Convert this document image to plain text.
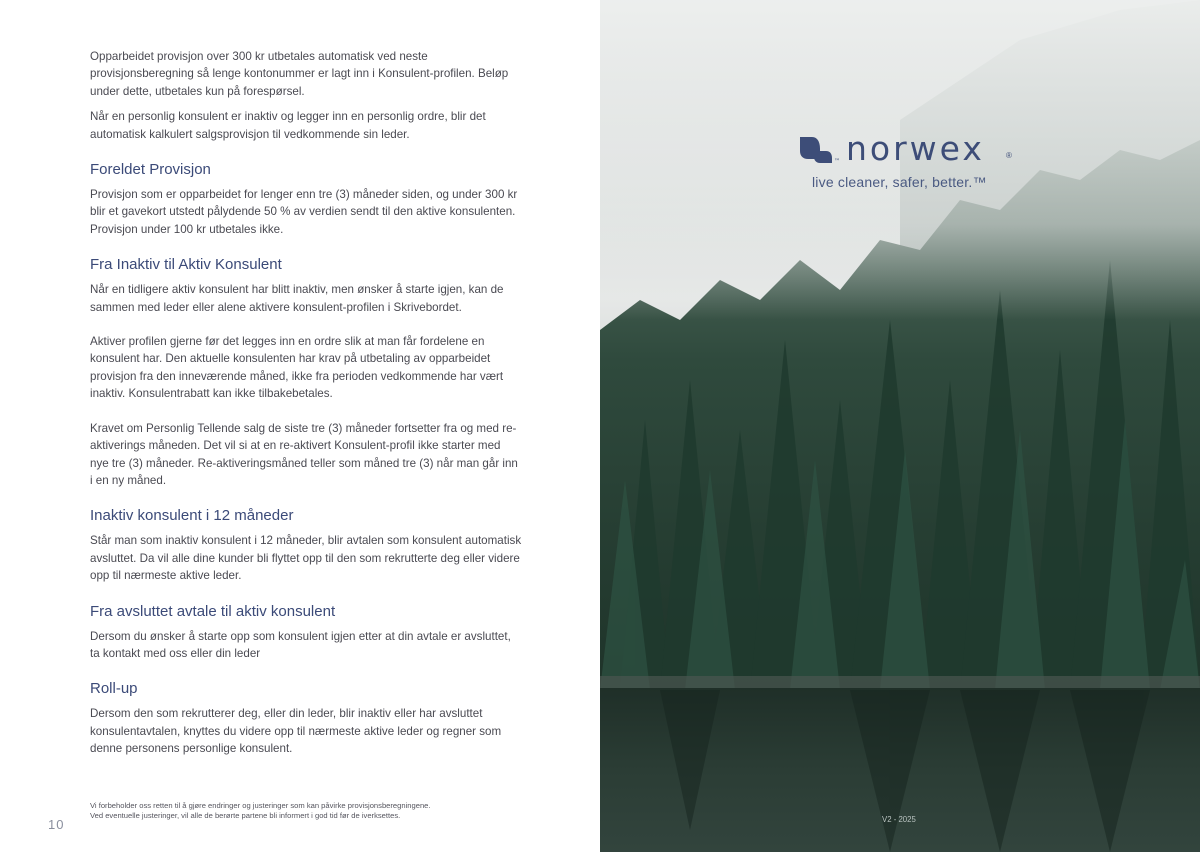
Opparbeidet provisjon over 300 kr utbetales automatisk ved neste provisjonsberegning så lenge kontonummer er lagt inn i Konsulent-profilen. Beløp under dette, utbetales kun på forespørsel.

Når en personlig konsulent er inaktiv og legger inn en personlig ordre, blir det automatisk kalkulert salgsprovisjon til vedkommende sin leder.

Foreldet Provisjon

Provisjon som er opparbeidet for lenger enn tre (3) måneder siden, og under 300 kr blir et gavekort utstedt pålydende 50 % av verdien sendt til den aktive konsulenten. Provisjon under 100 kr utbetales ikke.

Fra Inaktiv til Aktiv Konsulent

Når en tidligere aktiv konsulent har blitt inaktiv, men ønsker å starte igjen, kan de sammen med leder eller alene aktivere konsulent-profilen i Skrivebordet.

Aktiver profilen gjerne før det legges inn en ordre slik at man får fordelene en konsulent har. Den aktuelle konsulenten har krav på utbetaling av opparbeidet provisjon fra den inneværende måned, ikke fra perioden vedkommende har vært inaktiv. Konsulentrabatt kan ikke tilbakebetales.

Kravet om Personlig Tellende salg de siste tre (3) måneder fortsetter fra og med re-aktiverings måneden. Det vil si at en re-aktivert Konsulent-profil ikke starter med nye tre (3) måneder. Re-aktiveringsmåned teller som måned tre (3) når man går inn i en ny måned.

Inaktiv konsulent i 12 måneder

Står man som inaktiv konsulent i 12 måneder, blir avtalen som konsulent automatisk avsluttet. Da vil alle dine kunder bli flyttet opp til den som rekrutterte deg eller videre opp til nærmeste aktive leder.

Fra avsluttet avtale til aktiv konsulent

Dersom du ønsker å starte opp som konsulent igjen etter at din avtale er avsluttet, ta kontakt med oss eller din leder

Roll-up

Dersom den som rekrutterer deg, eller din leder, blir inaktiv eller har avsluttet konsulentavtalen, knyttes du videre opp til nærmeste aktive leder og regner som denne personens personlige konsulent.

Vi forbeholder oss retten til å gjøre endringer og justeringer som kan påvirke provisjonsberegningene.
Ved eventuelle justeringer, vil alle de berørte partene bli informert i god tid før de iverksettes.
10
™ norwex	®
live cleaner, safer, better.™
V2 - 2025
